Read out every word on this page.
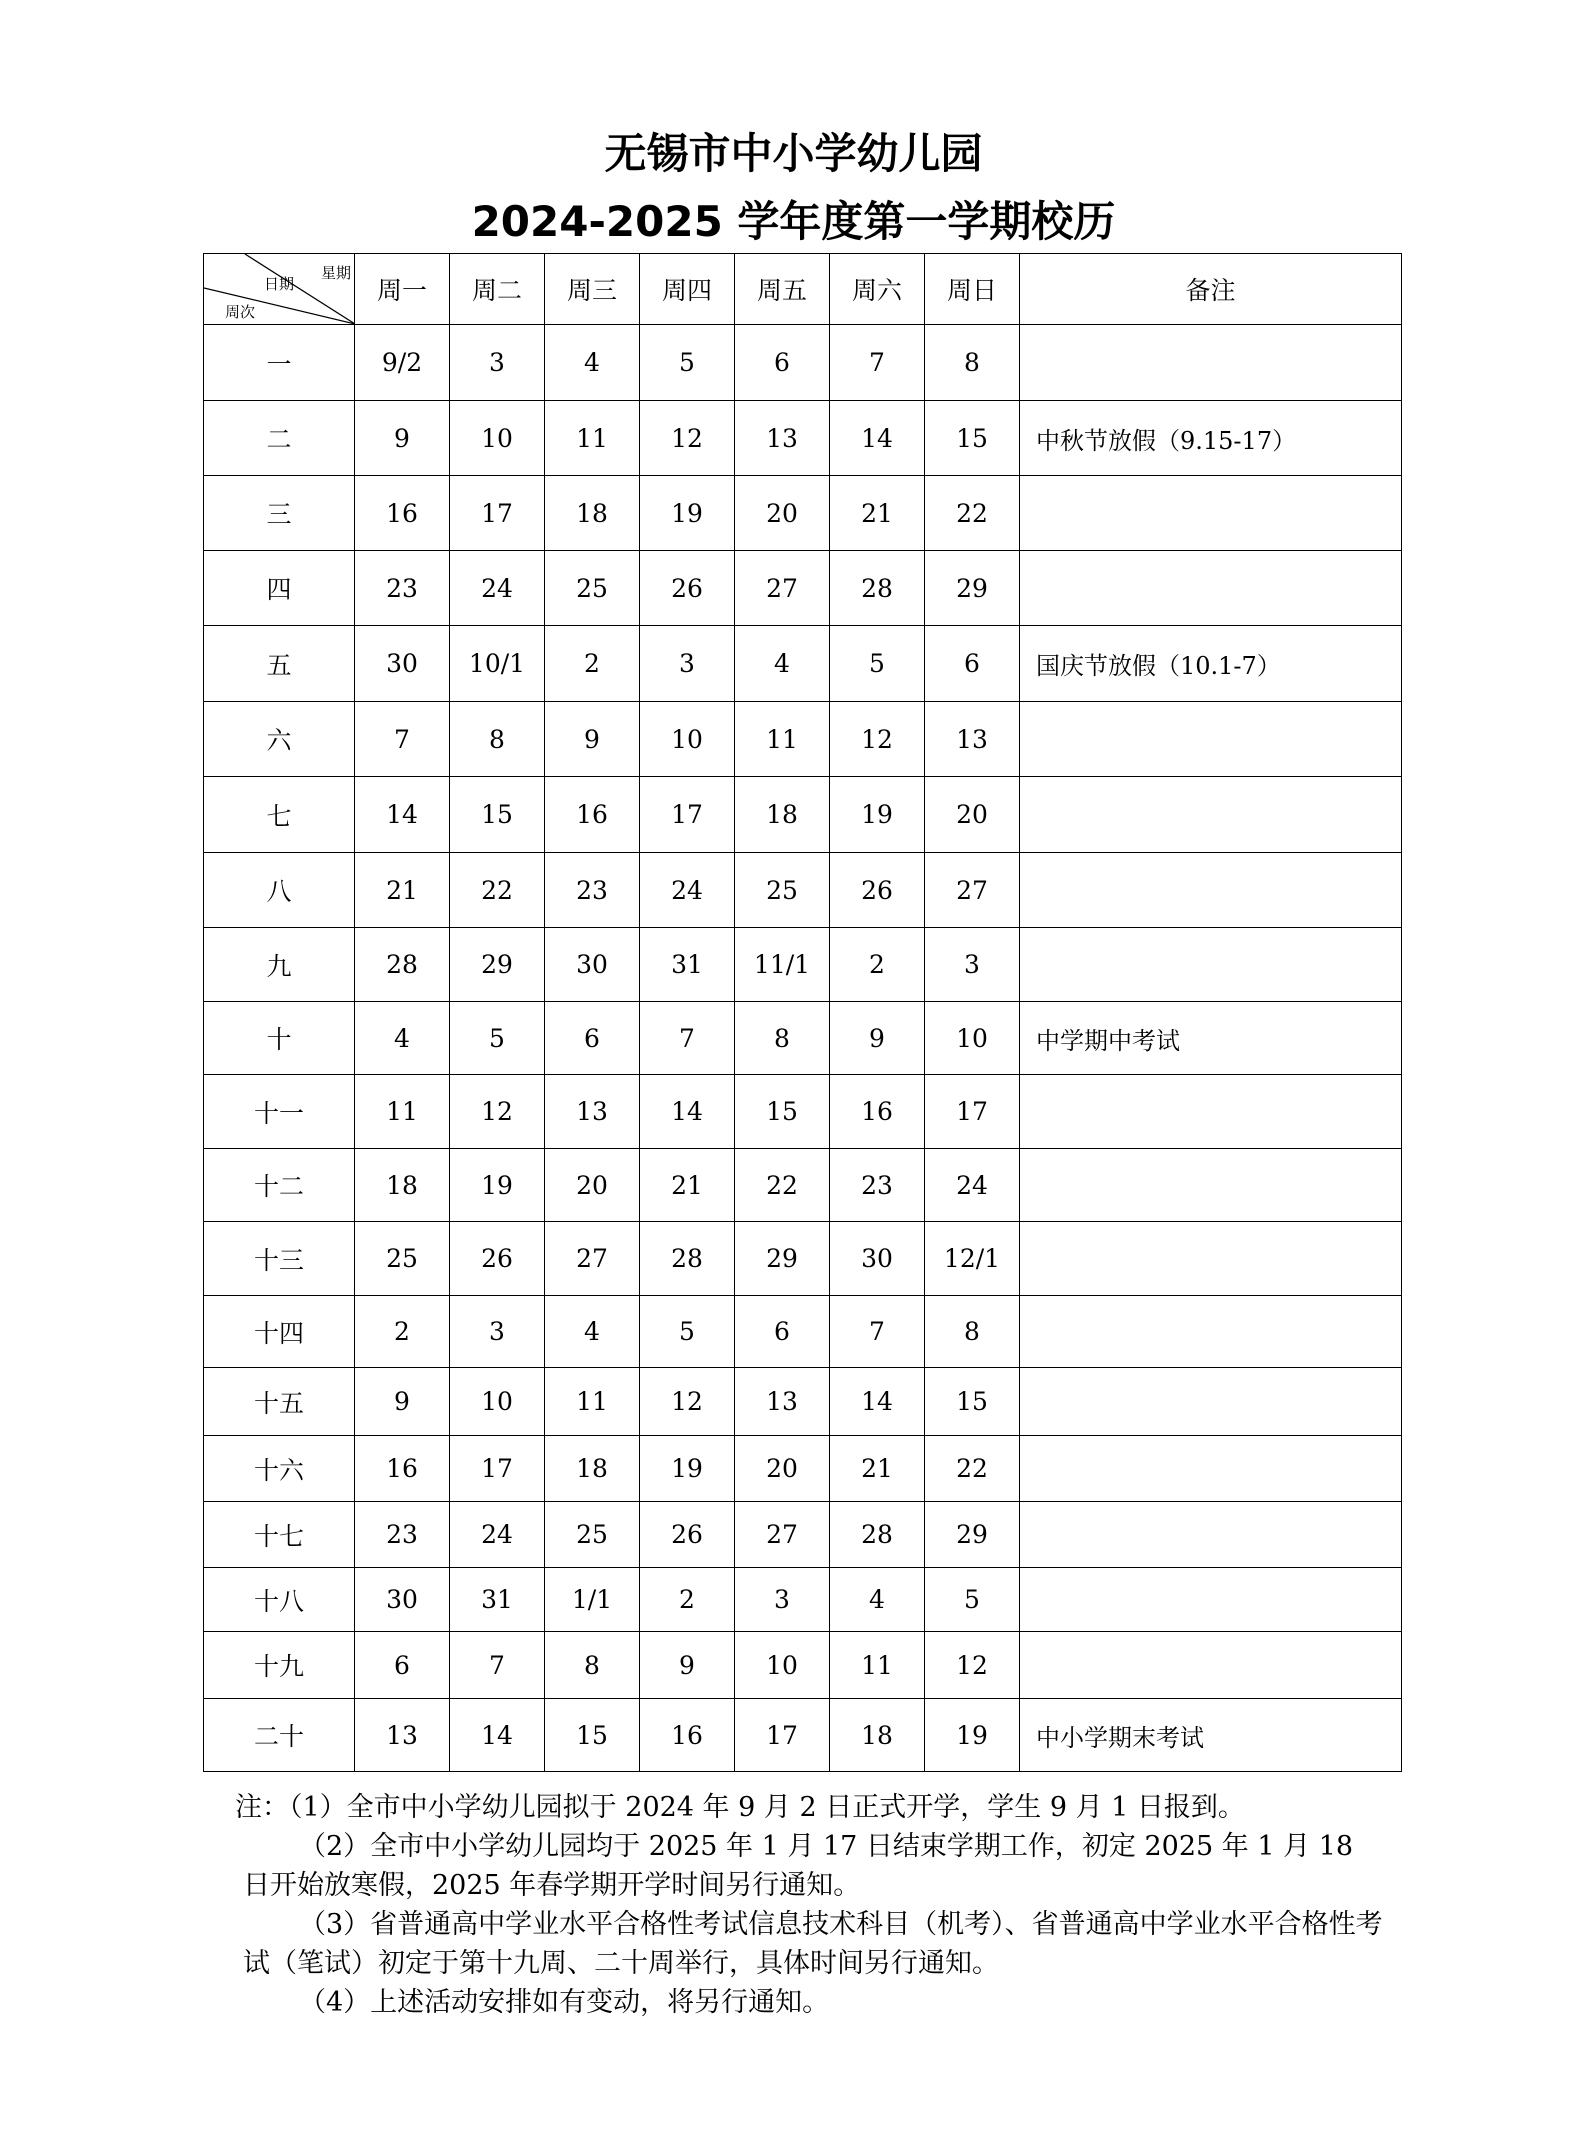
无锡市中小学幼儿园
2024-2025 学年度第一学期校历
星期
日期
周次	周一	周二	周三	周四	周五	周六	周日	备注
一	9/2	3	4	5	6	7	8	
二	9	10	11	12	13	14	15	中秋节放假（9.15-17）
三	16	17	18	19	20	21	22	
四	23	24	25	26	27	28	29	
五	30	10/1	2	3	4	5	6	国庆节放假（10.1-7）
六	7	8	9	10	11	12	13	
七	14	15	16	17	18	19	20	
八	21	22	23	24	25	26	27	
九	28	29	30	31	11/1	2	3	
十	4	5	6	7	8	9	10	中学期中考试
十一	11	12	13	14	15	16	17	
十二	18	19	20	21	22	23	24	
十三	25	26	27	28	29	30	12/1	
十四	2	3	4	5	6	7	8	
十五	9	10	11	12	13	14	15	
十六	16	17	18	19	20	21	22	
十七	23	24	25	26	27	28	29	
十八	30	31	1/1	2	3	4	5	
十九	6	7	8	9	10	11	12	
二十	13	14	15	16	17	18	19	中小学期末考试

注：（1）全市中小学幼儿园拟于 2024 年 9 月 2 日正式开学，学生 9 月 1 日报到。

（2）全市中小学幼儿园均于 2025 年 1 月 17 日结束学期工作，初定 2025 年 1 月 18 日开始放寒假，2025 年春学期开学时间另行通知。

（3）省普通高中学业水平合格性考试信息技术科目（机考）、省普通高中学业水平合格性考试（笔试）初定于第十九周、二十周举行，具体时间另行通知。

（4）上述活动安排如有变动，将另行通知。
